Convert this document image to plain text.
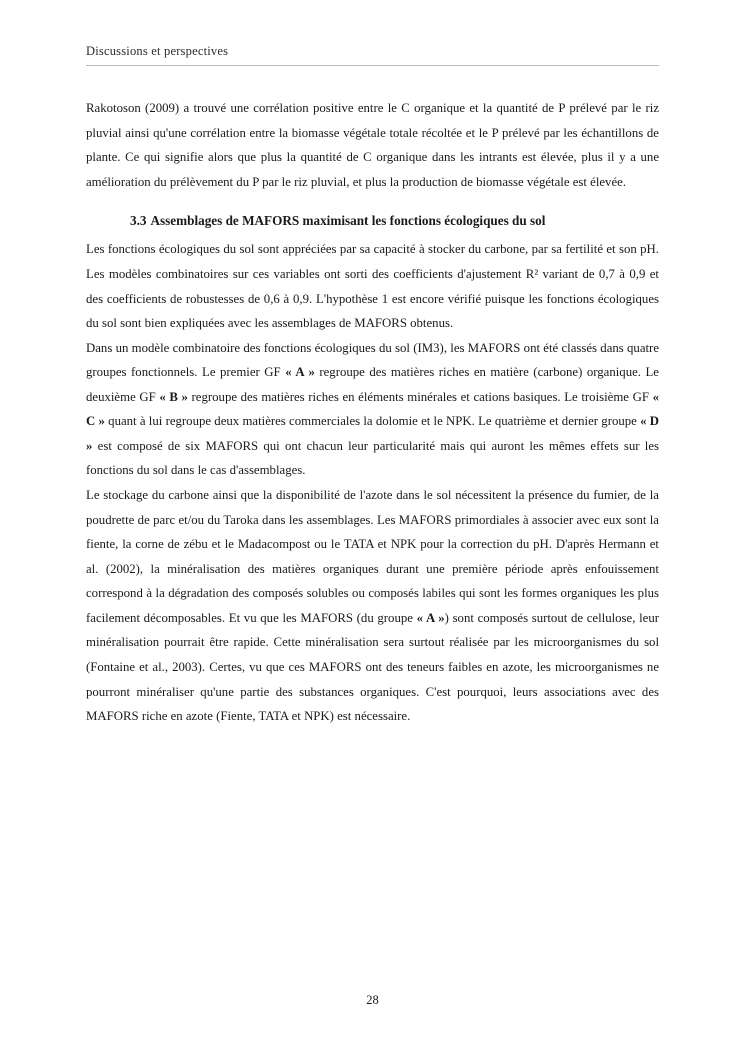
Discussions et perspectives

Rakotoson (2009) a trouvé une corrélation positive entre le C organique et la quantité de P prélevé par le riz pluvial ainsi qu'une corrélation entre la biomasse végétale totale récoltée et le P prélevé par les échantillons de plante. Ce qui signifie alors que plus la quantité de C organique dans les intrants est élevée, plus il y a une amélioration du prélèvement du P par le riz pluvial, et plus la production de biomasse végétale est élevée.

3.3 Assemblages de MAFORS maximisant les fonctions écologiques du sol

Les fonctions écologiques du sol sont appréciées par sa capacité à stocker du carbone, par sa fertilité et son pH. Les modèles combinatoires sur ces variables ont sorti des coefficients d'ajustement R² variant de 0,7 à 0,9 et des coefficients de robustesses de 0,6 à 0,9. L'hypothèse 1 est encore vérifié puisque les fonctions écologiques du sol sont bien expliquées avec les assemblages de MAFORS obtenus.

Dans un modèle combinatoire des fonctions écologiques du sol (IM3), les MAFORS ont été classés dans quatre groupes fonctionnels. Le premier GF « A » regroupe des matières riches en matière (carbone) organique. Le deuxième GF « B » regroupe des matières riches en éléments minérales et cations basiques. Le troisième GF « C » quant à lui regroupe deux matières commerciales la dolomie et le NPK. Le quatrième et dernier groupe « D » est composé de six MAFORS qui ont chacun leur particularité mais qui auront les mêmes effets sur les fonctions du sol dans le cas d'assemblages.

Le stockage du carbone ainsi que la disponibilité de l'azote dans le sol nécessitent la présence du fumier, de la poudrette de parc et/ou du Taroka dans les assemblages. Les MAFORS primordiales à associer avec eux sont la fiente, la corne de zébu et le Madacompost ou le TATA et NPK pour la correction du pH. D'après Hermann et al. (2002), la minéralisation des matières organiques durant une première période après enfouissement correspond à la dégradation des composés solubles ou composés labiles qui sont les formes organiques les plus facilement décomposables. Et vu que les MAFORS (du groupe « A ») sont composés surtout de cellulose, leur minéralisation pourrait être rapide. Cette minéralisation sera surtout réalisée par les microorganismes du sol (Fontaine et al., 2003). Certes, vu que ces MAFORS ont des teneurs faibles en azote, les microorganismes ne pourront minéraliser qu'une partie des substances organiques. C'est pourquoi, leurs associations avec des MAFORS riche en azote (Fiente, TATA et NPK) est nécessaire.

28
